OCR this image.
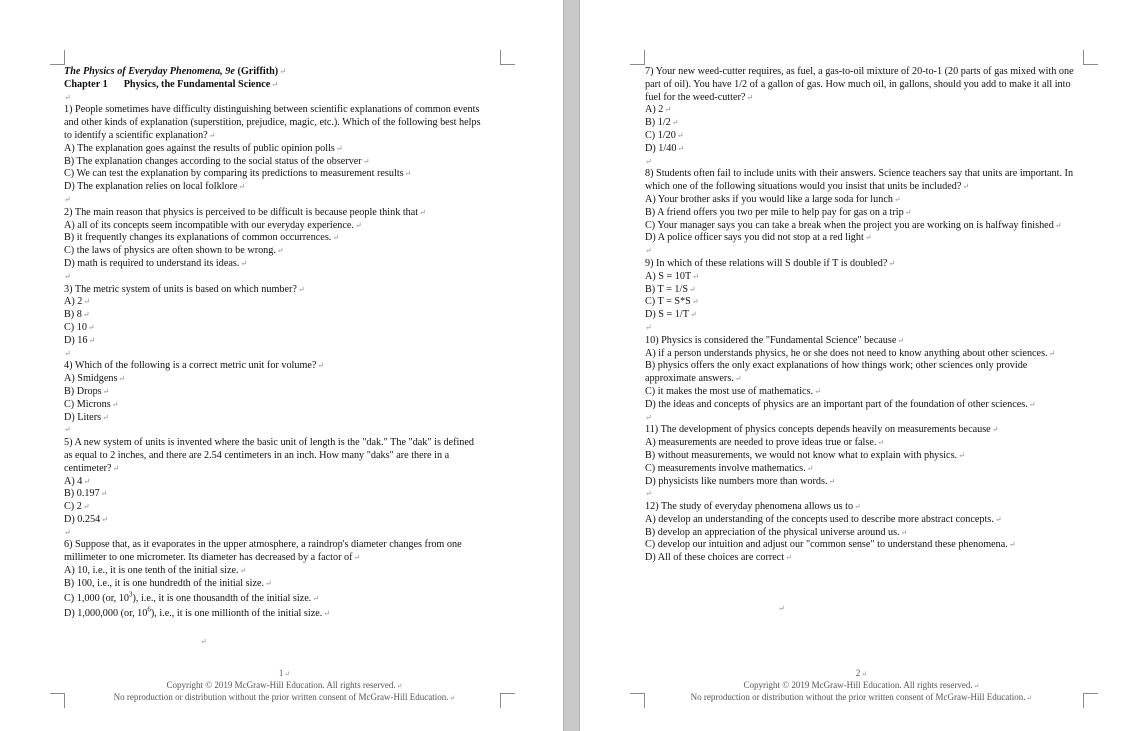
The Physics of Everyday Phenomena, 9e (Griffith)↵
Chapter 1 Physics, the Fundamental Science↵
↵
1) People sometimes have difficulty distinguishing between scientific explanations of common events and other kinds of explanation (superstition, prejudice, magic, etc.). Which of the following best helps to identify a scientific explanation?↵
A) The explanation goes against the results of public opinion polls↵
B) The explanation changes according to the social status of the observer↵
C) We can test the explanation by comparing its predictions to measurement results↵
D) The explanation relies on local folklore↵
↵
2) The main reason that physics is perceived to be difficult is because people think that↵
A) all of its concepts seem incompatible with our everyday experience.↵
B) it frequently changes its explanations of common occurrences.↵
C) the laws of physics are often shown to be wrong.↵
D) math is required to understand its ideas.↵
↵
3) The metric system of units is based on which number?↵
A) 2↵
B) 8↵
C) 10↵
D) 16↵
↵
4) Which of the following is a correct metric unit for volume?↵
A) Smidgens↵
B) Drops↵
C) Microns↵
D) Liters↵
↵
5) A new system of units is invented where the basic unit of length is the "dak." The "dak" is defined as equal to 2 inches, and there are 2.54 centimeters in an inch. How many "daks" are there in a centimeter?↵
A) 4↵
B) 0.197↵
C) 2↵
D) 0.254↵
↵
6) Suppose that, as it evaporates in the upper atmosphere, a raindrop's diameter changes from one millimeter to one micrometer. Its diameter has decreased by a factor of↵
A) 10, i.e., it is one tenth of the initial size.↵
B) 100, i.e., it is one hundredth of the initial size.↵
C) 1,000 (or, $10^3$), i.e., it is one thousandth of the initial size.↵
D) 1,000,000 (or, $10^6$), i.e., it is one millionth of the initial size.↵
↵
1↵
Copyright © 2019 McGraw-Hill Education. All rights reserved.↵
No reproduction or distribution without the prior written consent of McGraw-Hill Education.↵
7) Your new weed-cutter requires, as fuel, a gas-to-oil mixture of 20-to-1 (20 parts of gas mixed with one part of oil). You have 1/2 of a gallon of gas. How much oil, in gallons, should you add to make it all into fuel for the weed-cutter?↵
A) 2↵
B) 1/2↵
C) 1/20↵
D) 1/40↵
↵
8) Students often fail to include units with their answers. Science teachers say that units are important. In which one of the following situations would you insist that units be included?↵
A) Your brother asks if you would like a large soda for lunch↵
B) A friend offers you two per mile to help pay for gas on a trip↵
C) Your manager says you can take a break when the project you are working on is halfway finished↵
D) A police officer says you did not stop at a red light↵
↵
9) In which of these relations will S double if T is doubled?↵
A) S = 10T↵
B) T = 1/S↵
C) T = S*S↵
D) S = 1/T↵
↵
10) Physics is considered the "Fundamental Science" because↵
A) if a person understands physics, he or she does not need to know anything about other sciences.↵
B) physics offers the only exact explanations of how things work; other sciences only provide approximate answers.↵
C) it makes the most use of mathematics.↵
D) the ideas and concepts of physics are an important part of the foundation of other sciences.↵
↵
11) The development of physics concepts depends heavily on measurements because↵
A) measurements are needed to prove ideas true or false.↵
B) without measurements, we would not know what to explain with physics.↵
C) measurements involve mathematics.↵
D) physicists like numbers more than words.↵
↵
12) The study of everyday phenomena allows us to↵
A) develop an understanding of the concepts used to describe more abstract concepts.↵
B) develop an appreciation of the physical universe around us.↵
C) develop our intuition and adjust our "common sense" to understand these phenomena.↵
D) All of these choices are correct↵
↵
2↵
Copyright © 2019 McGraw-Hill Education. All rights reserved.↵
No reproduction or distribution without the prior written consent of McGraw-Hill Education.↵
